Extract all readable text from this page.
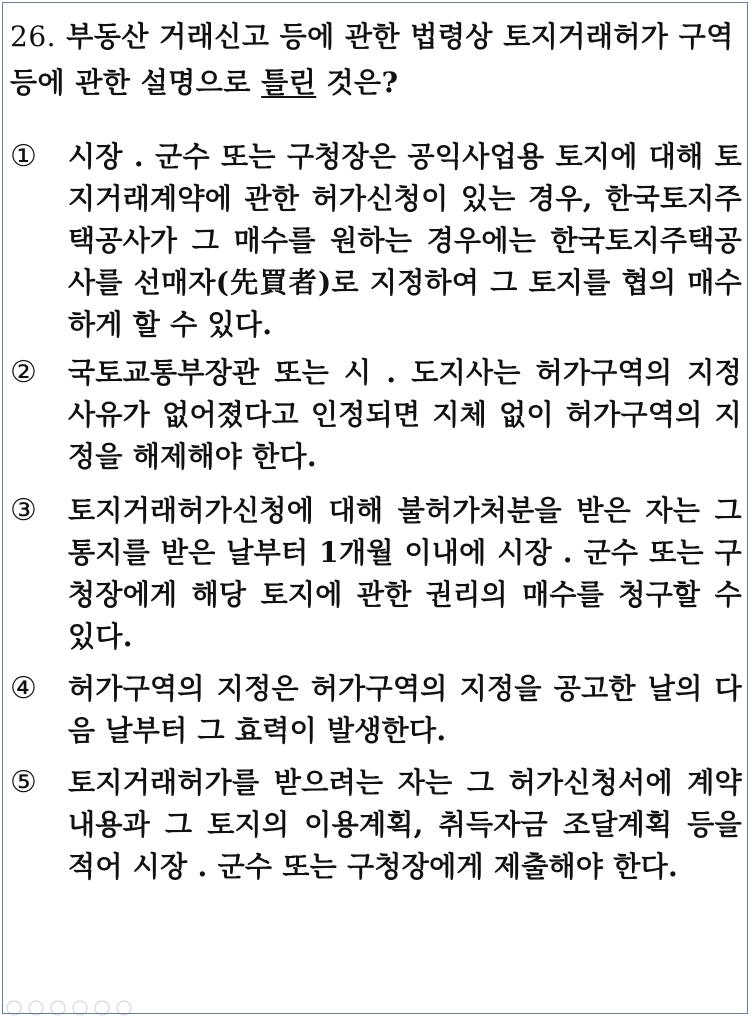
26. 부동산 거래신고 등에 관한 법령상 토지거래허가 구역 등에 관한 설명으로 틀린 것은?
①	시장 . 군수 또는 구청장은 공익사업용 토지에 대해 토지거래계약에 관한 허가신청이 있는 경우, 한국토지주택공사가 그 매수를 원하는 경우에는 한국토지주택공사를 선매자(先買者)로 지정하여 그 토지를 협의 매수하게 할 수 있다.
②	국토교통부장관 또는 시 . 도지사는 허가구역의 지정 사유가 없어졌다고 인정되면 지체 없이 허가구역의 지정을 해제해야 한다.
③	토지거래허가신청에 대해 불허가처분을 받은 자는 그 통지를 받은 날부터 1개월 이내에 시장 . 군수 또는 구청장에게 해당 토지에 관한 권리의 매수를 청구할 수 있다.
④	허가구역의 지정은 허가구역의 지정을 공고한 날의 다음 날부터 그 효력이 발생한다.
⑤	토지거래허가를 받으려는 자는 그 허가신청서에 계약내용과 그 토지의 이용계획, 취득자금 조달계획 등을 적어 시장 . 군수 또는 구청장에게 제출해야 한다.
